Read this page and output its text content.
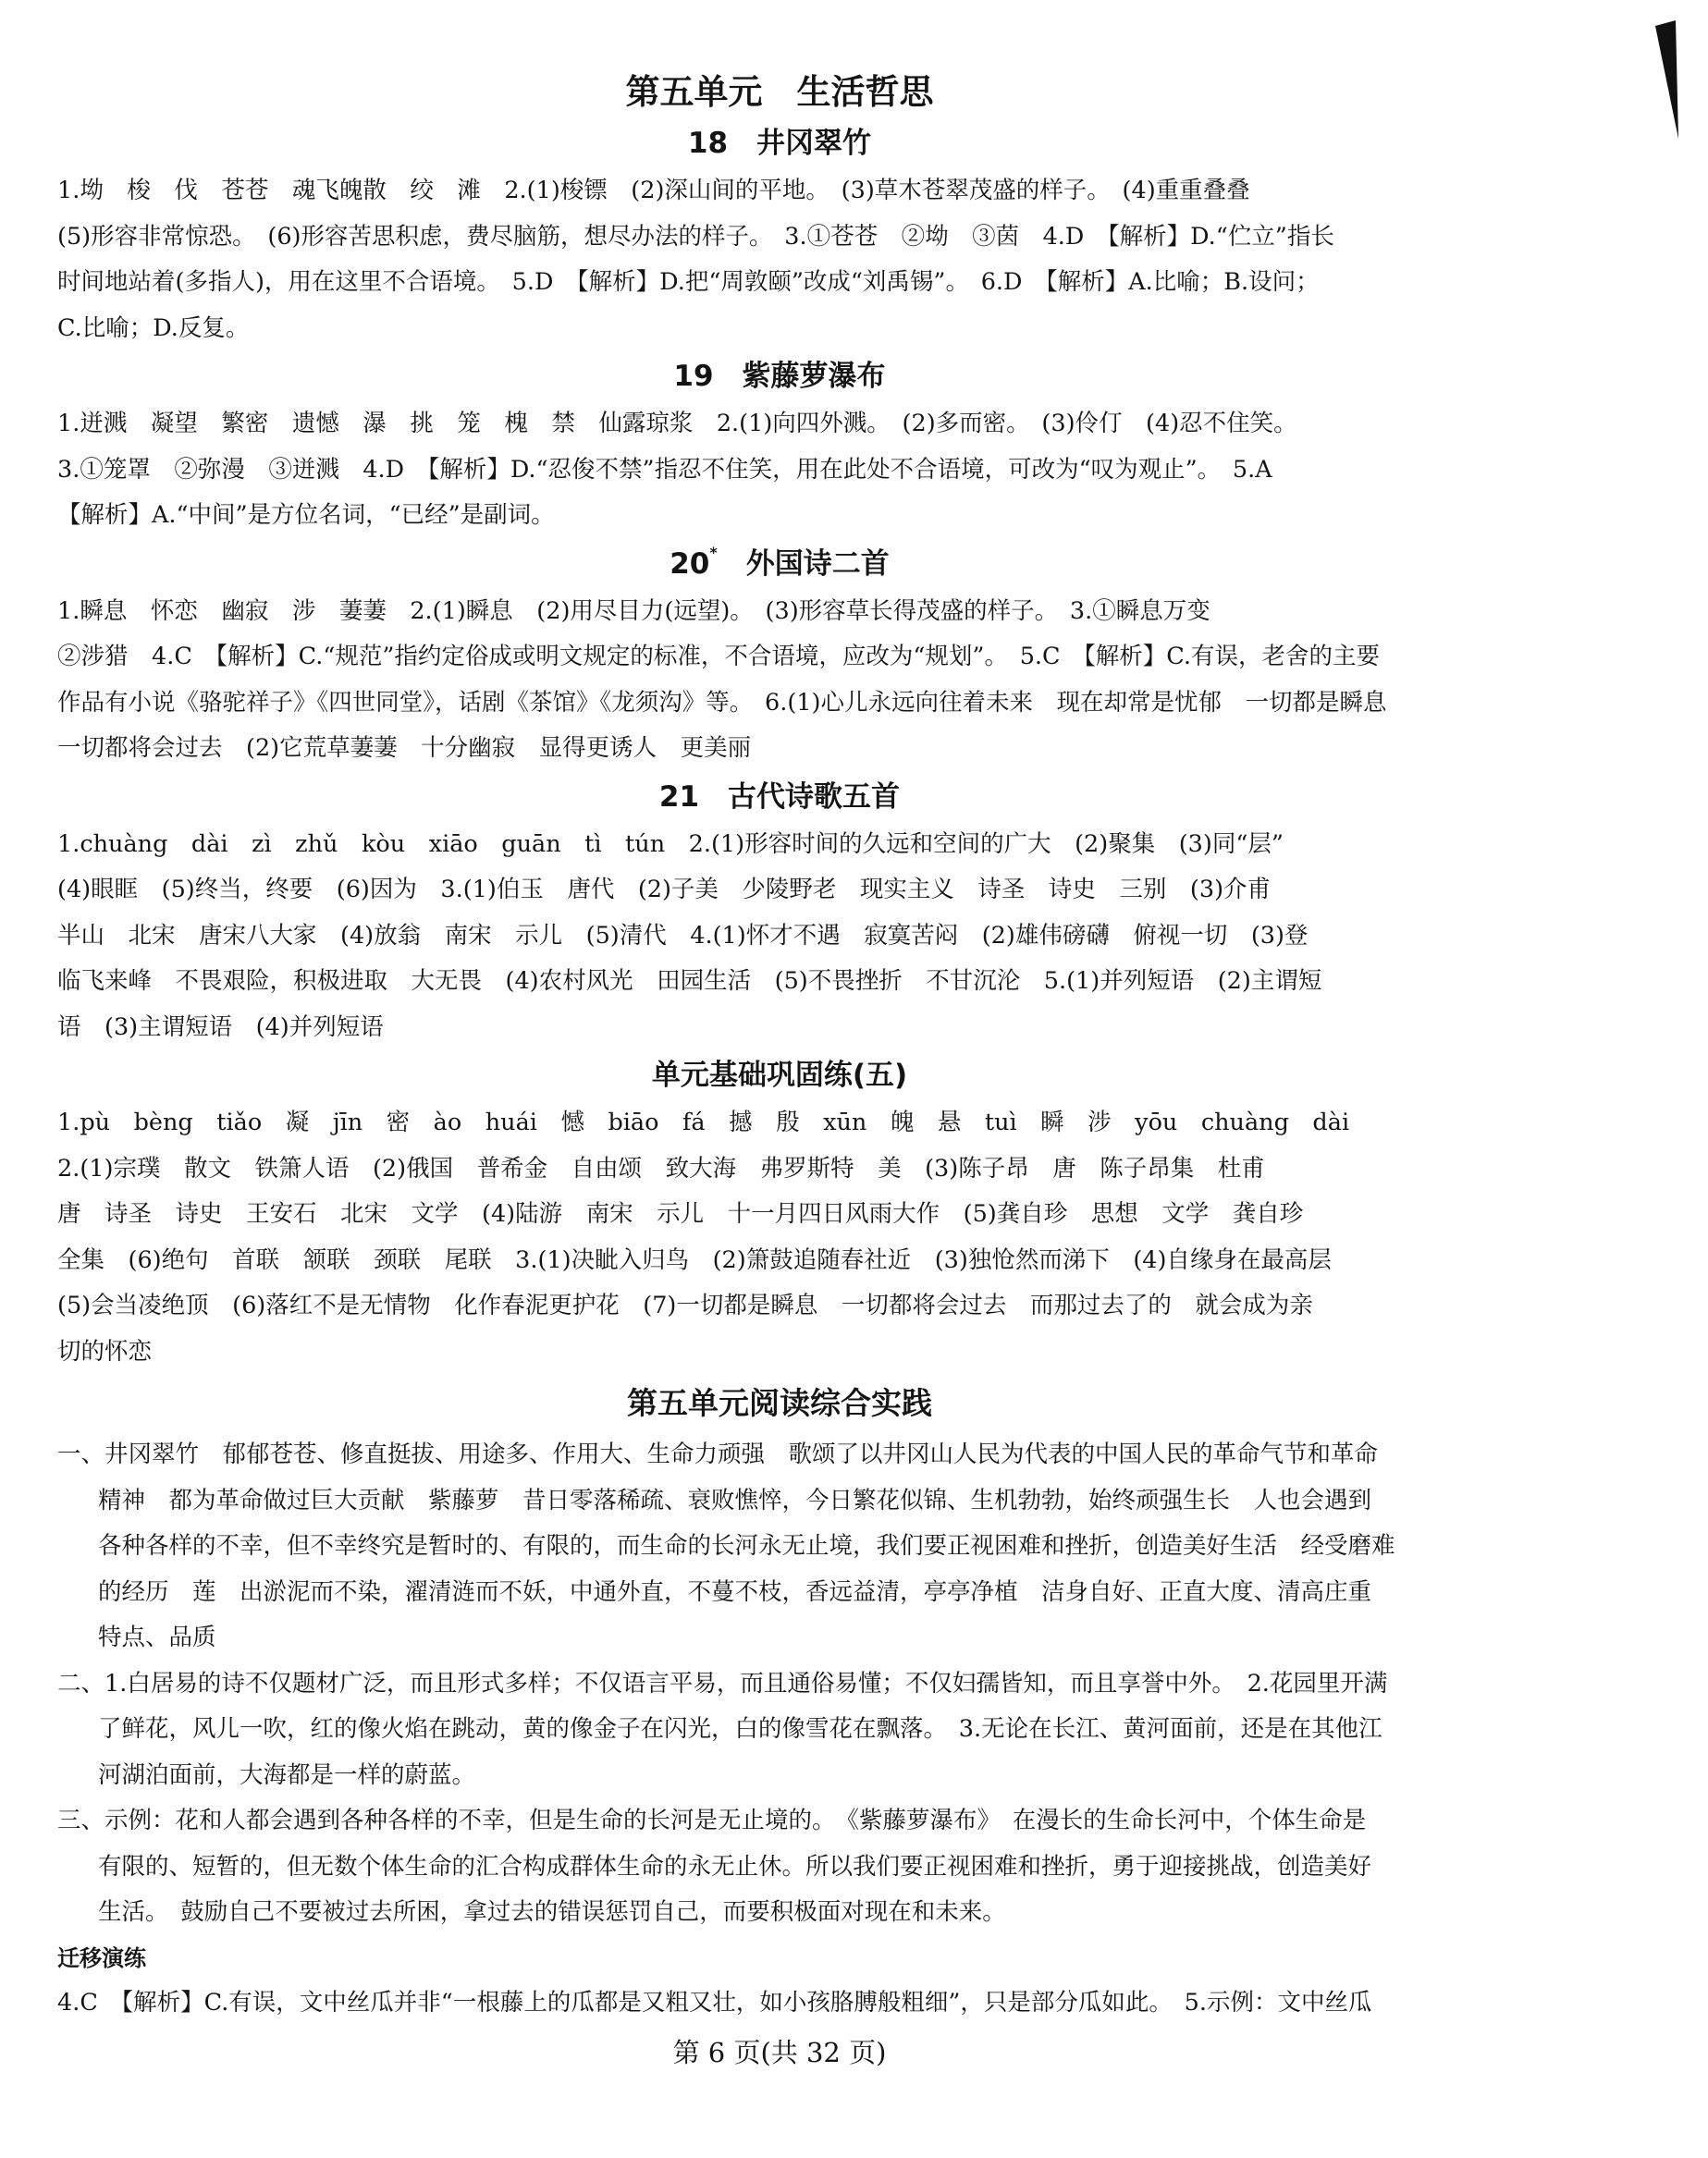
第五单元　生活哲思
18　井冈翠竹
1.坳　梭　伐　苍苍　魂飞魄散　绞　滩　2.(1)梭镖　(2)深山间的平地。　(3)草木苍翠茂盛的样子。　(4)重重叠叠
(5)形容非常惊恐。　(6)形容苦思积虑，费尽脑筋，想尽办法的样子。　3.①苍苍　②坳　③茵　4.D　【解析】D.“伫立”指长
时间地站着(多指人)，用在这里不合语境。　5.D　【解析】D.把“周敦颐”改成“刘禹锡”。　6.D　【解析】A.比喻；B.设问；
C.比喻；D.反复。
19　紫藤萝瀑布
1.迸溅　凝望　繁密　遗憾　瀑　挑　笼　槐　禁　仙露琼浆　2.(1)向四外溅。　(2)多而密。　(3)伶仃　(4)忍不住笑。
3.①笼罩　②弥漫　③迸溅　4.D　【解析】D.“忍俊不禁”指忍不住笑，用在此处不合语境，可改为“叹为观止”。　5.A
【解析】A.“中间”是方位名词，“已经”是副词。
20*　外国诗二首
1.瞬息　怀恋　幽寂　涉　萋萋　2.(1)瞬息　(2)用尽目力(远望)。　(3)形容草长得茂盛的样子。　3.①瞬息万变
②涉猎　4.C　【解析】C.“规范”指约定俗成或明文规定的标准，不合语境，应改为“规划”。　5.C　【解析】C.有误，老舍的主要
作品有小说《骆驼祥子》《四世同堂》，话剧《茶馆》《龙须沟》等。　6.(1)心儿永远向往着未来　现在却常是忧郁　一切都是瞬息
一切都将会过去　(2)它荒草萋萋　十分幽寂　显得更诱人　更美丽
21　古代诗歌五首
1.chuàng　dài　zì　zhǔ　kòu　xiāo　guān　tì　tún　2.(1)形容时间的久远和空间的广大　(2)聚集　(3)同“层”
(4)眼眶　(5)终当，终要　(6)因为　3.(1)伯玉　唐代　(2)子美　少陵野老　现实主义　诗圣　诗史　三别　(3)介甫
半山　北宋　唐宋八大家　(4)放翁　南宋　示儿　(5)清代　4.(1)怀才不遇　寂寞苦闷　(2)雄伟磅礴　俯视一切　(3)登
临飞来峰　不畏艰险，积极进取　大无畏　(4)农村风光　田园生活　(5)不畏挫折　不甘沉沦　5.(1)并列短语　(2)主谓短
语　(3)主谓短语　(4)并列短语
单元基础巩固练(五)
1.pù　bèng　tiǎo　凝　jīn　密　ào　huái　憾　biāo　fá　撼　殷　xūn　魄　悬　tuì　瞬　涉　yōu　chuàng　dài
2.(1)宗璞　散文　铁箫人语　(2)俄国　普希金　自由颂　致大海　弗罗斯特　美　(3)陈子昂　唐　陈子昂集　杜甫
唐　诗圣　诗史　王安石　北宋　文学　(4)陆游　南宋　示儿　十一月四日风雨大作　(5)龚自珍　思想　文学　龚自珍
全集　(6)绝句　首联　颔联　颈联　尾联　3.(1)决眦入归鸟　(2)箫鼓追随春社近　(3)独怆然而涕下　(4)自缘身在最高层
(5)会当凌绝顶　(6)落红不是无情物　化作春泥更护花　(7)一切都是瞬息　一切都将会过去　而那过去了的　就会成为亲
切的怀恋
第五单元阅读综合实践
一、井冈翠竹　郁郁苍苍、修直挺拔、用途多、作用大、生命力顽强　歌颂了以井冈山人民为代表的中国人民的革命气节和革命
精神　都为革命做过巨大贡献　紫藤萝　昔日零落稀疏、衰败憔悴，今日繁花似锦、生机勃勃，始终顽强生长　人也会遇到
各种各样的不幸，但不幸终究是暂时的、有限的，而生命的长河永无止境，我们要正视困难和挫折，创造美好生活　经受磨难
的经历　莲　出淤泥而不染，濯清涟而不妖，中通外直，不蔓不枝，香远益清，亭亭净植　洁身自好、正直大度、清高庄重
特点、品质
二、1.白居易的诗不仅题材广泛，而且形式多样；不仅语言平易，而且通俗易懂；不仅妇孺皆知，而且享誉中外。　2.花园里开满
了鲜花，风儿一吹，红的像火焰在跳动，黄的像金子在闪光，白的像雪花在飘落。　3.无论在长江、黄河面前，还是在其他江
河湖泊面前，大海都是一样的蔚蓝。
三、示例：花和人都会遇到各种各样的不幸，但是生命的长河是无止境的。　《紫藤萝瀑布》　在漫长的生命长河中，个体生命是
有限的、短暂的，但无数个体生命的汇合构成群体生命的永无止休。所以我们要正视困难和挫折，勇于迎接挑战，创造美好
生活。　鼓励自己不要被过去所困，拿过去的错误惩罚自己，而要积极面对现在和未来。
迁移演练
4.C　【解析】C.有误，文中丝瓜并非“一根藤上的瓜都是又粗又壮，如小孩胳膊般粗细”，只是部分瓜如此。　5.示例：文中丝瓜
第 6 页(共 32 页)
